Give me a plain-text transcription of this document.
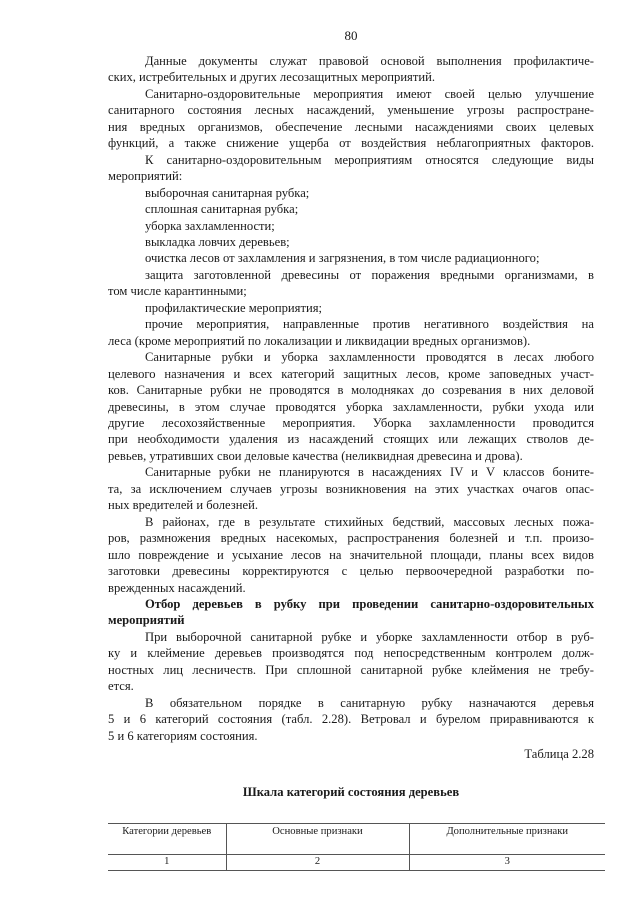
80

Данные документы служат правовой основой выполнения профилактиче-

ских, истребительных и других лесозащитных мероприятий.

Санитарно-оздоровительные мероприятия имеют своей целью улучшение

санитарного состояния лесных насаждений, уменьшение угрозы распростране-

ния вредных организмов, обеспечение лесными насаждениями своих целевых

функций, а также снижение ущерба от воздействия неблагоприятных факторов.

К санитарно-оздоровительным мероприятиям относятся следующие виды

мероприятий:

выборочная санитарная рубка;

сплошная санитарная рубка;

уборка захламленности;

выкладка ловчих деревьев;

очистка лесов от захламления и загрязнения, в том числе радиационного;

защита заготовленной древесины от поражения вредными организмами, в

том числе карантинными;

профилактические мероприятия;

прочие мероприятия, направленные против негативного воздействия на

леса (кроме мероприятий по локализации и ликвидации вредных организмов).

Санитарные рубки и уборка захламленности проводятся в лесах любого

целевого назначения и всех категорий защитных лесов, кроме заповедных участ-

ков. Санитарные рубки не проводятся в молодняках до созревания в них деловой

древесины, в этом случае проводятся уборка захламленности, рубки ухода или

другие лесохозяйственные мероприятия. Уборка захламленности проводится

при необходимости удаления из насаждений стоящих или лежащих стволов де-

ревьев, утративших свои деловые качества (неликвидная древесина и дрова).

Санитарные рубки не планируются в насаждениях IV и V классов бонитe-

та, за исключением случаев угрозы возникновения на этих участках очагов опас-

ных вредителей и болезней.

В районах, где в результате стихийных бедствий, массовых лесных пожа-

ров, размножения вредных насекомых, распространения болезней и т.п. произо-

шло повреждение и усыхание лесов на значительной площади, планы всех видов

заготовки древесины корректируются с целью первоочередной разработки по-

врежденных насаждений.

Отбор деревьев в рубку при проведении санитарно-оздоровительных

мероприятий

При выборочной санитарной рубке и уборке захламленности отбор в руб-

ку и клеймение деревьев производятся под непосредственным контролем долж-

ностных лиц лесничеств. При сплошной санитарной рубке клеймения не требу-

ется.

В обязательном порядке в санитарную рубку назначаются деревья

5 и 6 категорий состояния (табл. 2.28). Ветровал и бурелом приравниваются к

5 и 6 категориям состояния.

Таблица 2.28

Шкала категорий состояния деревьев

Категории деревьев	Основные признаки	Дополнительные признаки
1	2	3
